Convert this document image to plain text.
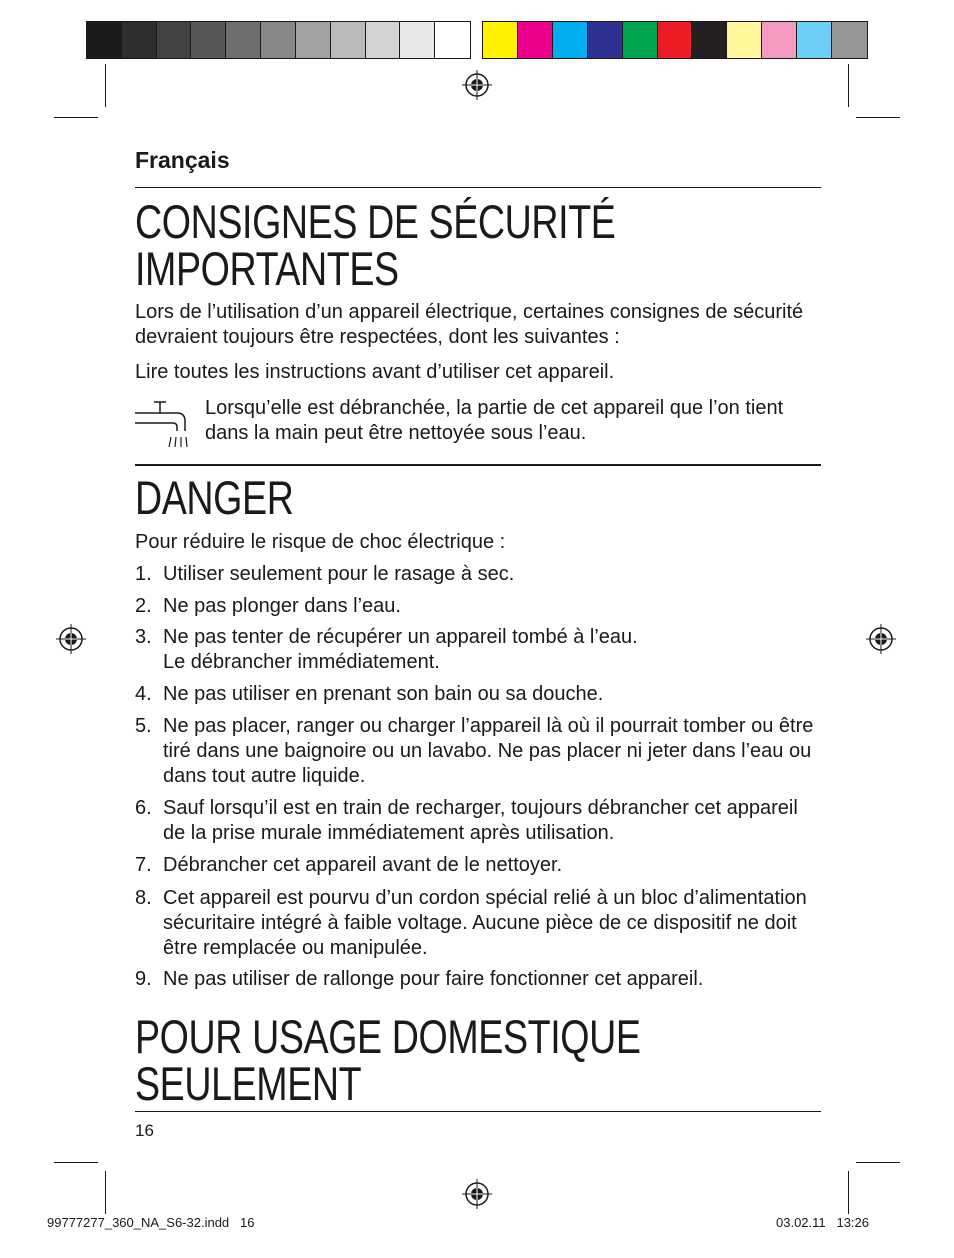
Français

CONSIGNES DE SÉCURITÉ
IMPORTANTES

Lors de l’utilisation d’un appareil électrique, certaines consignes de sécurité devraient toujours être respectées, dont les suivantes :

Lire toutes les instructions avant d’utiliser cet appareil.

Lorsqu’elle est débranchée, la partie de cet appareil que l’on tient dans la main peut être nettoyée sous l’eau.

DANGER

Pour réduire le risque de choc électrique :

1. Utiliser seulement pour le rasage à sec.
2. Ne pas plonger dans l’eau.
3. Ne pas tenter de récupérer un appareil tombé à l’eau.
Le débrancher immédiatement.
4. Ne pas utiliser en prenant son bain ou sa douche.
5. Ne pas placer, ranger ou charger l’appareil là où il pourrait tomber ou être tiré dans une baignoire ou un lavabo. Ne pas placer ni jeter dans l’eau ou dans tout autre liquide.
6. Sauf lorsqu’il est en train de recharger, toujours débrancher cet appareil de la prise murale immédiatement après utilisation.
7. Débrancher cet appareil avant de le nettoyer.
8. Cet appareil est pourvu d’un cordon spécial relié à un bloc d’alimentation sécuritaire intégré à faible voltage. Aucune pièce de ce dispositif ne doit être remplacée ou manipulée.
9. Ne pas utiliser de rallonge pour faire fonctionner cet appareil.
POUR USAGE DOMESTIQUE
SEULEMENT

16

99777277_360_NA_S6-32.indd   16	03.02.11   13:26
